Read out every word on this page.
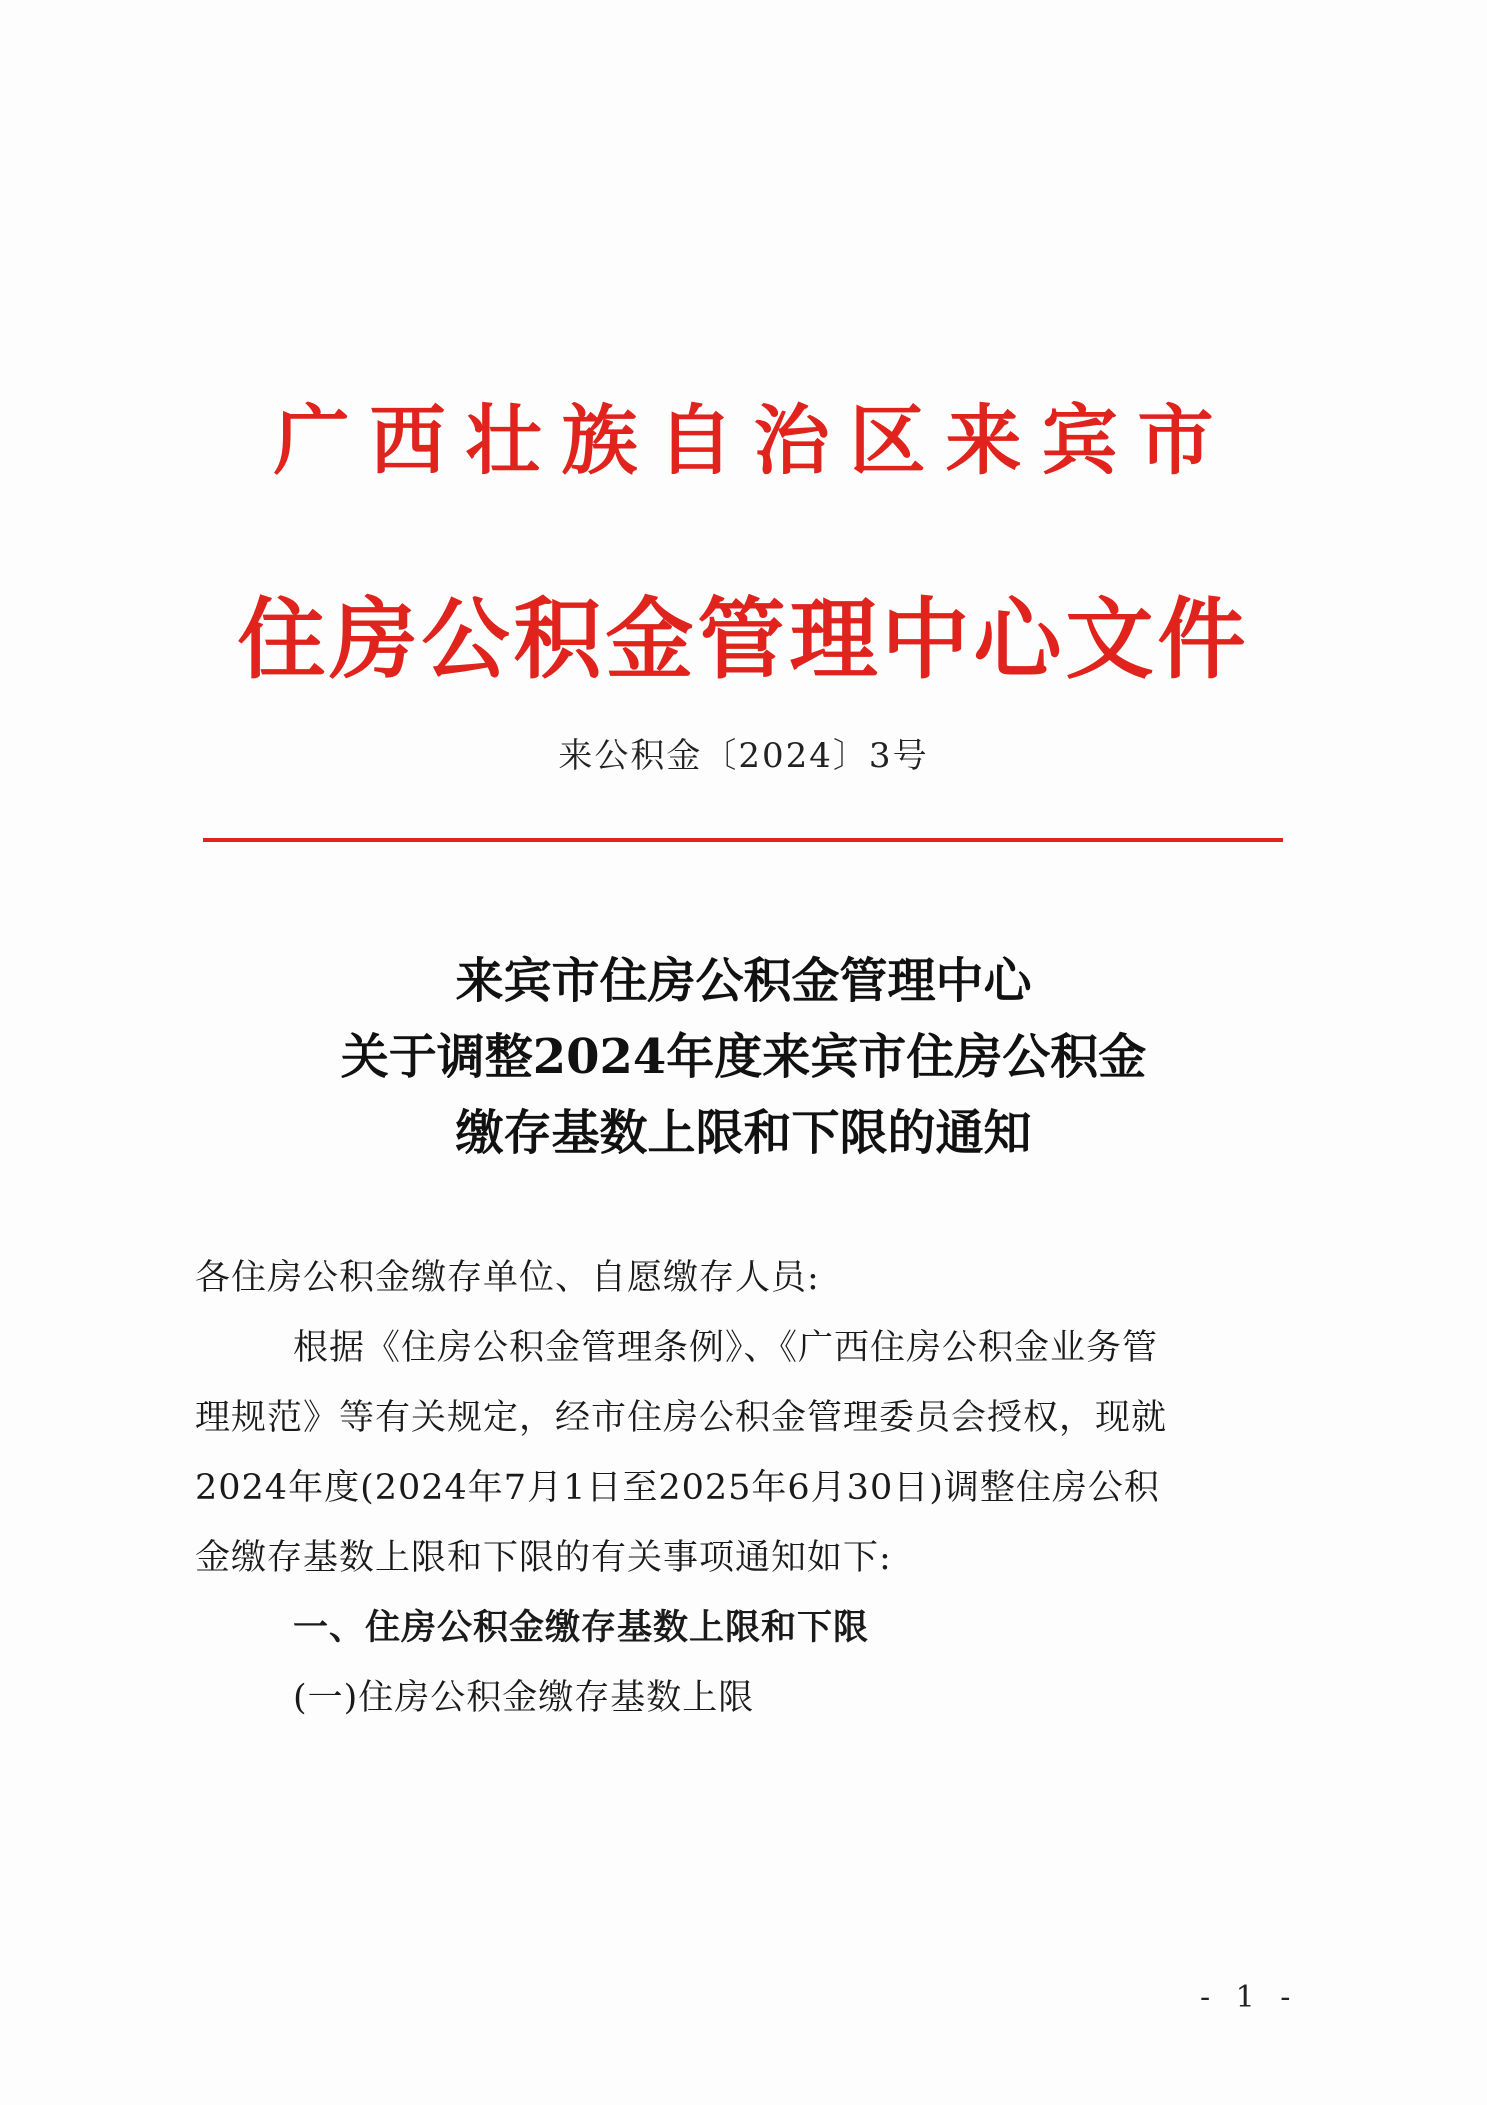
广西壮族自治区来宾市
住房公积金管理中心文件
来公积金〔2024〕3号
来宾市住房公积金管理中心
关于调整2024年度来宾市住房公积金
缴存基数上限和下限的通知
各住房公积金缴存单位、自愿缴存人员:
根据《住房公积金管理条例》、《广西住房公积金业务管
理规范》等有关规定，经市住房公积金管理委员会授权，现就
2024年度(2024年7月1日至2025年6月30日)调整住房公积
金缴存基数上限和下限的有关事项通知如下:
一、住房公积金缴存基数上限和下限
(一)住房公积金缴存基数上限
- 1 -
